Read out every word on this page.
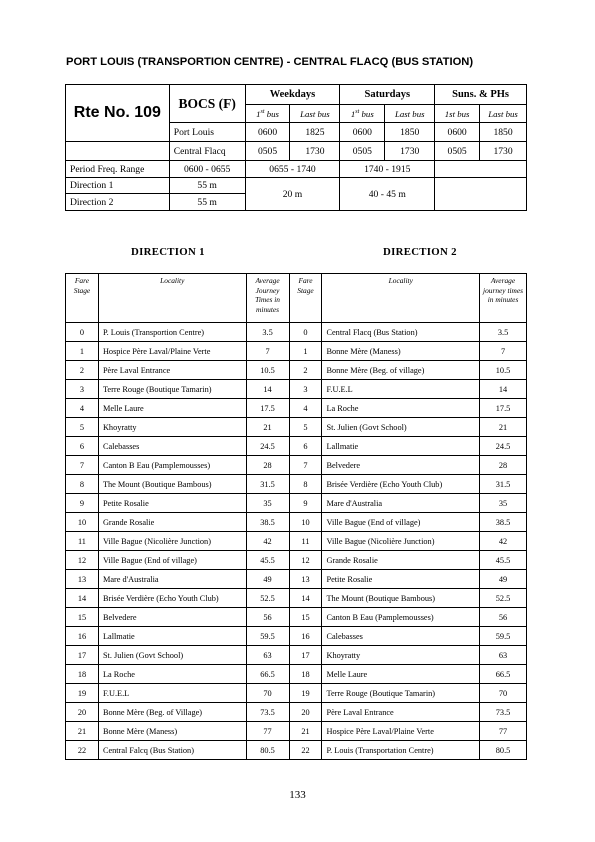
PORT LOUIS (TRANSPORTION CENTRE) - CENTRAL FLACQ (BUS STATION)
Rte No. 109	BOCS (F)	Weekdays		Saturdays		Suns. & PHs	
		1st bus	Last bus	1st bus	Last bus	1st bus	Last bus
	Port Louis	0600	1825	0600	1850	0600	1850
	Central Flacq	0505	1730	0505	1730	0505	1730
Period Freq. Range	0600 - 0655	0655 - 1740		1740 - 1915			
Direction 1	55 m	20 m		40 - 45 m			
Direction 2	55 m						
DIRECTION 1	DIRECTION 2
Fare Stage	Locality	Average Journey Times in minutes	Fare Stage	Locality	Average journey times in minutes
0	P. Louis (Transportion Centre)	3.5	0	Central Flacq (Bus Station)	3.5
1	Hospice Père Laval/Plaine Verte	7	1	Bonne Mère (Maness)	7
2	Père Laval Entrance	10.5	2	Bonne Mère (Beg. of village)	10.5
3	Terre Rouge (Boutique Tamarin)	14	3	F.U.E.L	14
4	Melle Laure	17.5	4	La Roche	17.5
5	Khoyratty	21	5	St. Julien (Govt School)	21
6	Calebasses	24.5	6	Lallmatie	24.5
7	Canton B Eau (Pamplemousses)	28	7	Belvedere	28
8	The Mount (Boutique Bambous)	31.5	8	Brisée Verdière (Echo Youth Club)	31.5
9	Petite Rosalie	35	9	Mare d'Australia	35
10	Grande Rosalie	38.5	10	Ville Bague (End of village)	38.5
11	Ville Bague (Nicolière Junction)	42	11	Ville Bague (Nicolière Junction)	42
12	Ville Bague (End of village)	45.5	12	Grande Rosalie	45.5
13	Mare d'Australia	49	13	Petite Rosalie	49
14	Brisée Verdière (Echo Youth Club)	52.5	14	The Mount (Boutique Bambous)	52.5
15	Belvedere	56	15	Canton B Eau (Pamplemousses)	56
16	Lallmatie	59.5	16	Calebasses	59.5
17	St. Julien (Govt School)	63	17	Khoyratty	63
18	La Roche	66.5	18	Melle Laure	66.5
19	F.U.E.L	70	19	Terre Rouge (Boutique Tamarin)	70
20	Bonne Mère (Beg. of Village)	73.5	20	Père Laval Entrance	73.5
21	Bonne Mère (Maness)	77	21	Hospice Père Laval/Plaine Verte	77
22	Central Falcq (Bus Station)	80.5	22	P. Louis (Transportation Centre)	80.5
133
